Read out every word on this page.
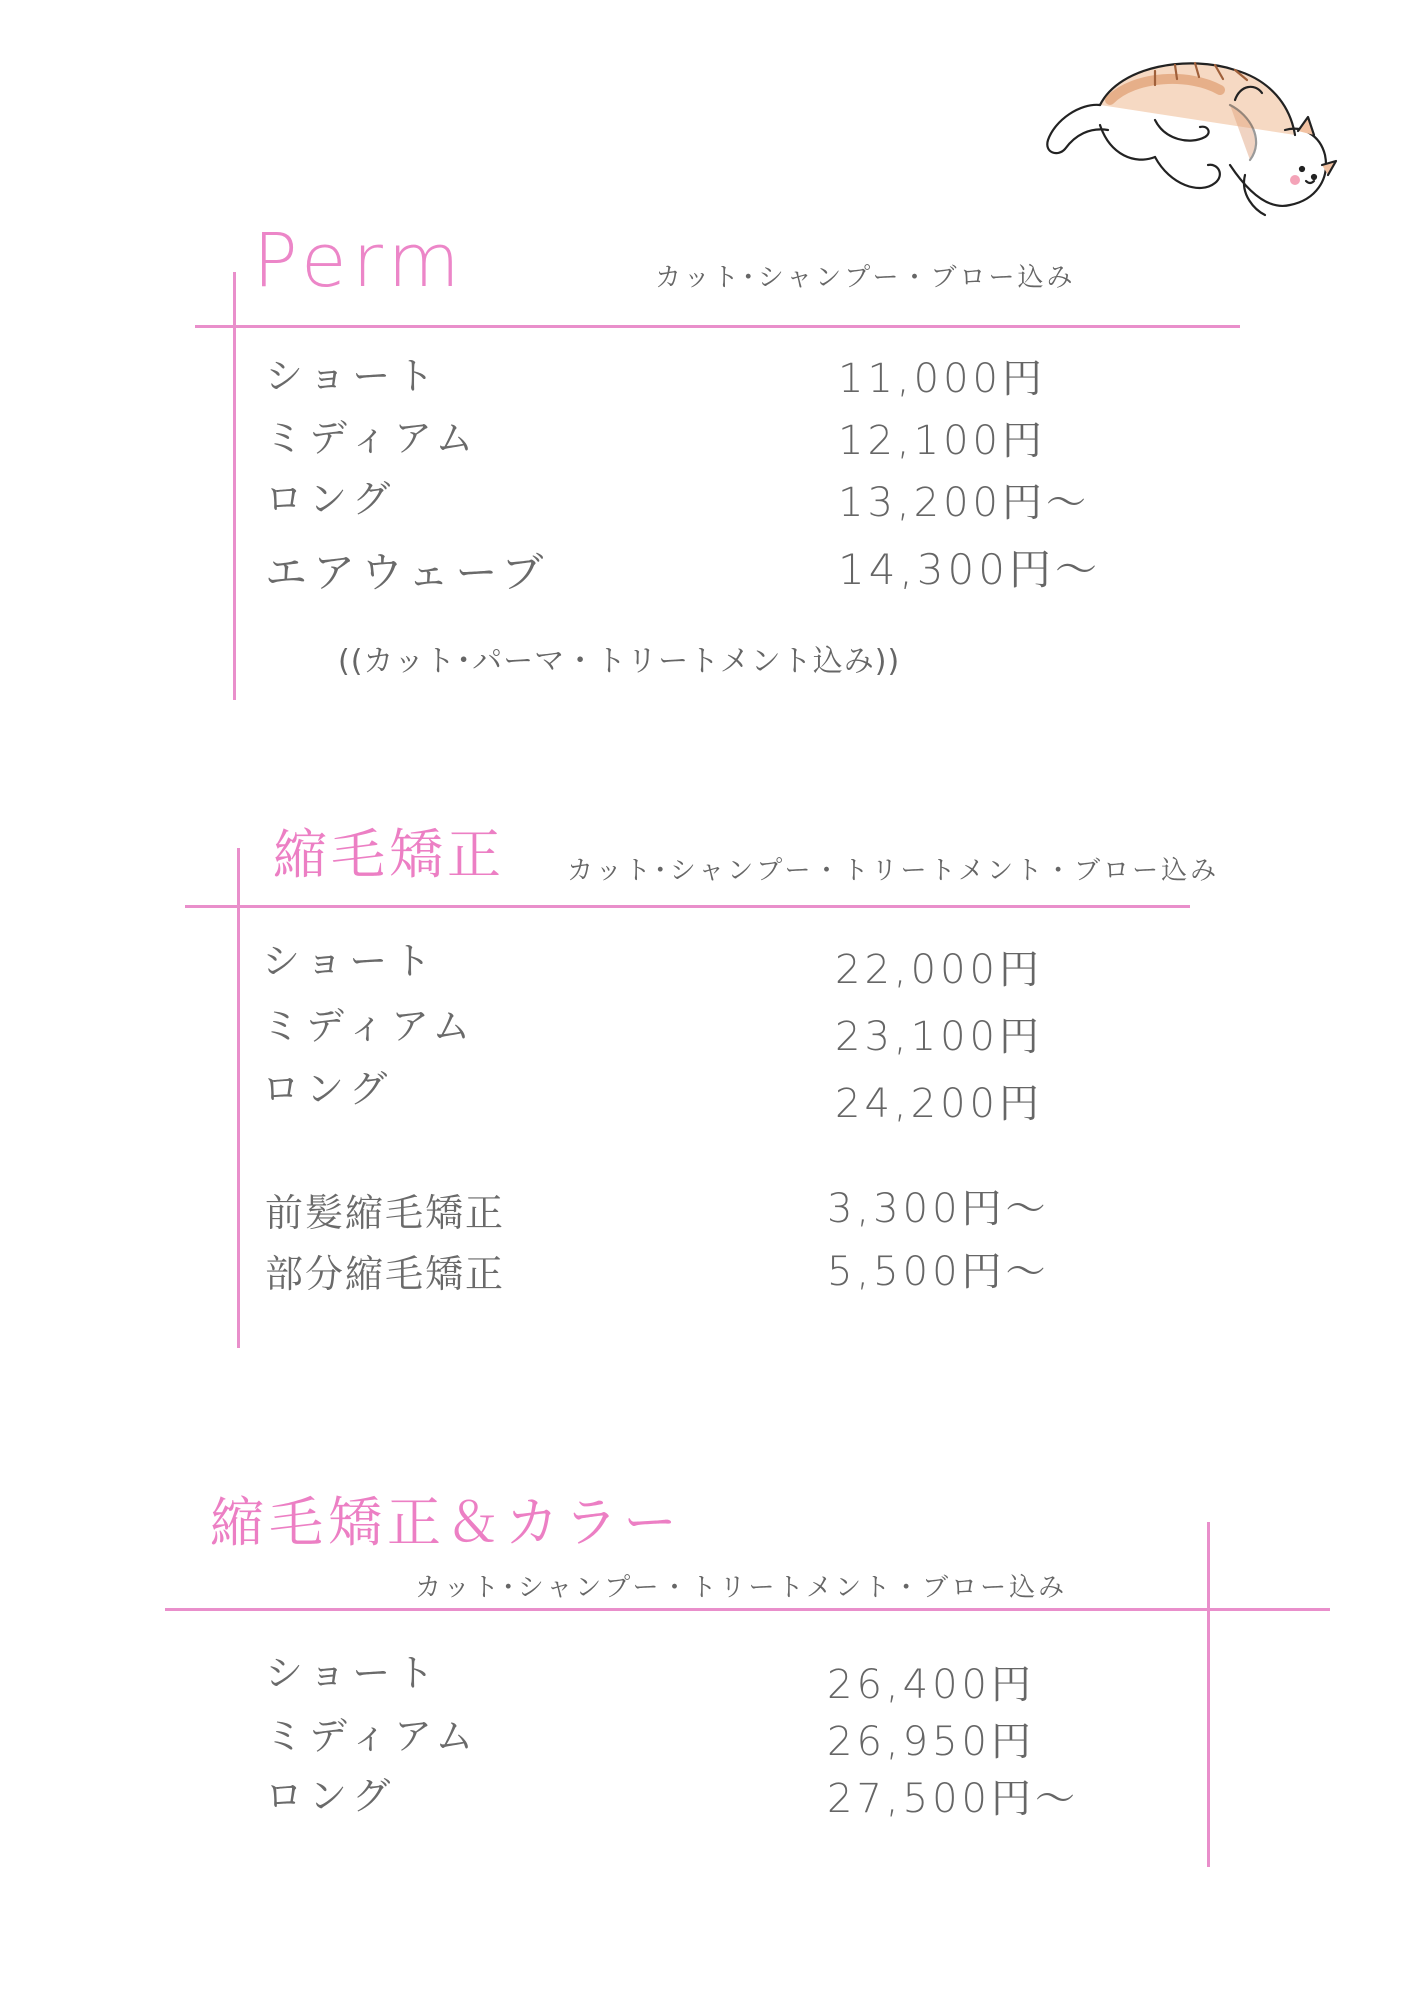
Perm	カット･シャンプー・ブロー込み
ショート	11,000円
ミディアム	12,100円
ロング	13,200円〜
エアウェーブ	14,300円〜
((カット･パーマ・トリートメント込み))
縮毛矯正 カット･シャンプー・トリートメント・ブロー込み
ショート	22,000円
ミディアム	23,100円
ロング	24,200円
前髪縮毛矯正	3,300円〜
部分縮毛矯正	5,500円〜
縮毛矯正＆カラー
カット･シャンプー・トリートメント・ブロー込み
ショート	26,400円
ミディアム	26,950円
ロング	27,500円〜
